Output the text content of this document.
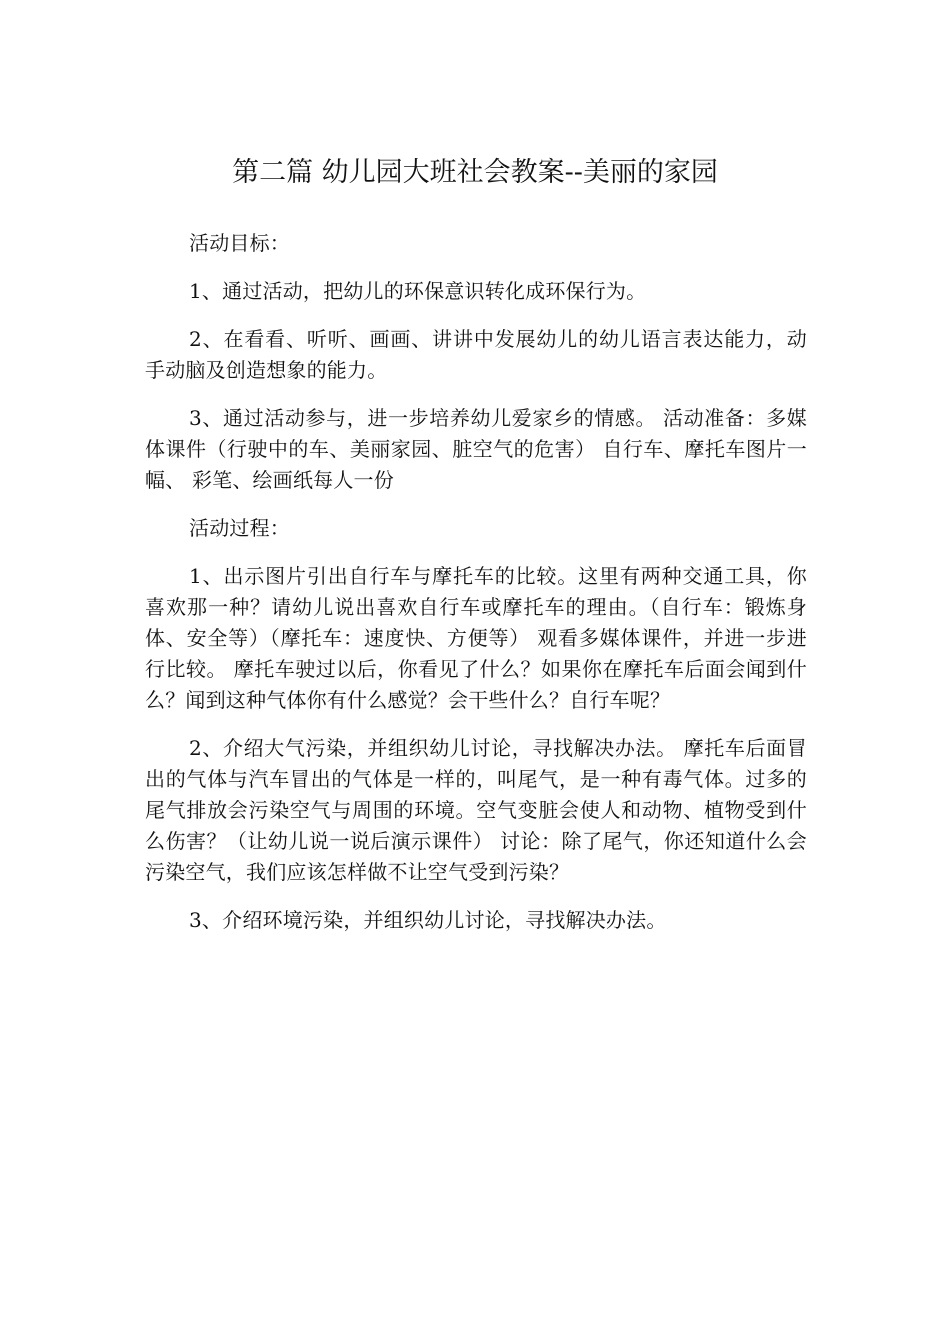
第二篇 幼儿园大班社会教案--美丽的家园

活动目标：

1、通过活动，把幼儿的环保意识转化成环保行为。

2、在看看、听听、画画、讲讲中发展幼儿的幼儿语言表达能力，动手动脑及创造想象的能力。

3、通过活动参与，进一步培养幼儿爱家乡的情感。 活动准备：多媒体课件（行驶中的车、美丽家园、脏空气的危害） 自行车、摩托车图片一幅、 彩笔、绘画纸每人一份

活动过程：

1、出示图片引出自行车与摩托车的比较。这里有两种交通工具，你喜欢那一种？请幼儿说出喜欢自行车或摩托车的理由。（自行车：锻炼身体、安全等）（摩托车：速度快、方便等） 观看多媒体课件，并进一步进行比较。 摩托车驶过以后，你看见了什么？如果你在摩托车后面会闻到什么？闻到这种气体你有什么感觉？会干些什么？自行车呢？

2、介绍大气污染，并组织幼儿讨论，寻找解决办法。 摩托车后面冒出的气体与汽车冒出的气体是一样的，叫尾气，是一种有毒气体。过多的尾气排放会污染空气与周围的环境。空气变脏会使人和动物、植物受到什么伤害？（让幼儿说一说后演示课件） 讨论：除了尾气，你还知道什么会污染空气，我们应该怎样做不让空气受到污染？

3、介绍环境污染，并组织幼儿讨论，寻找解决办法。
